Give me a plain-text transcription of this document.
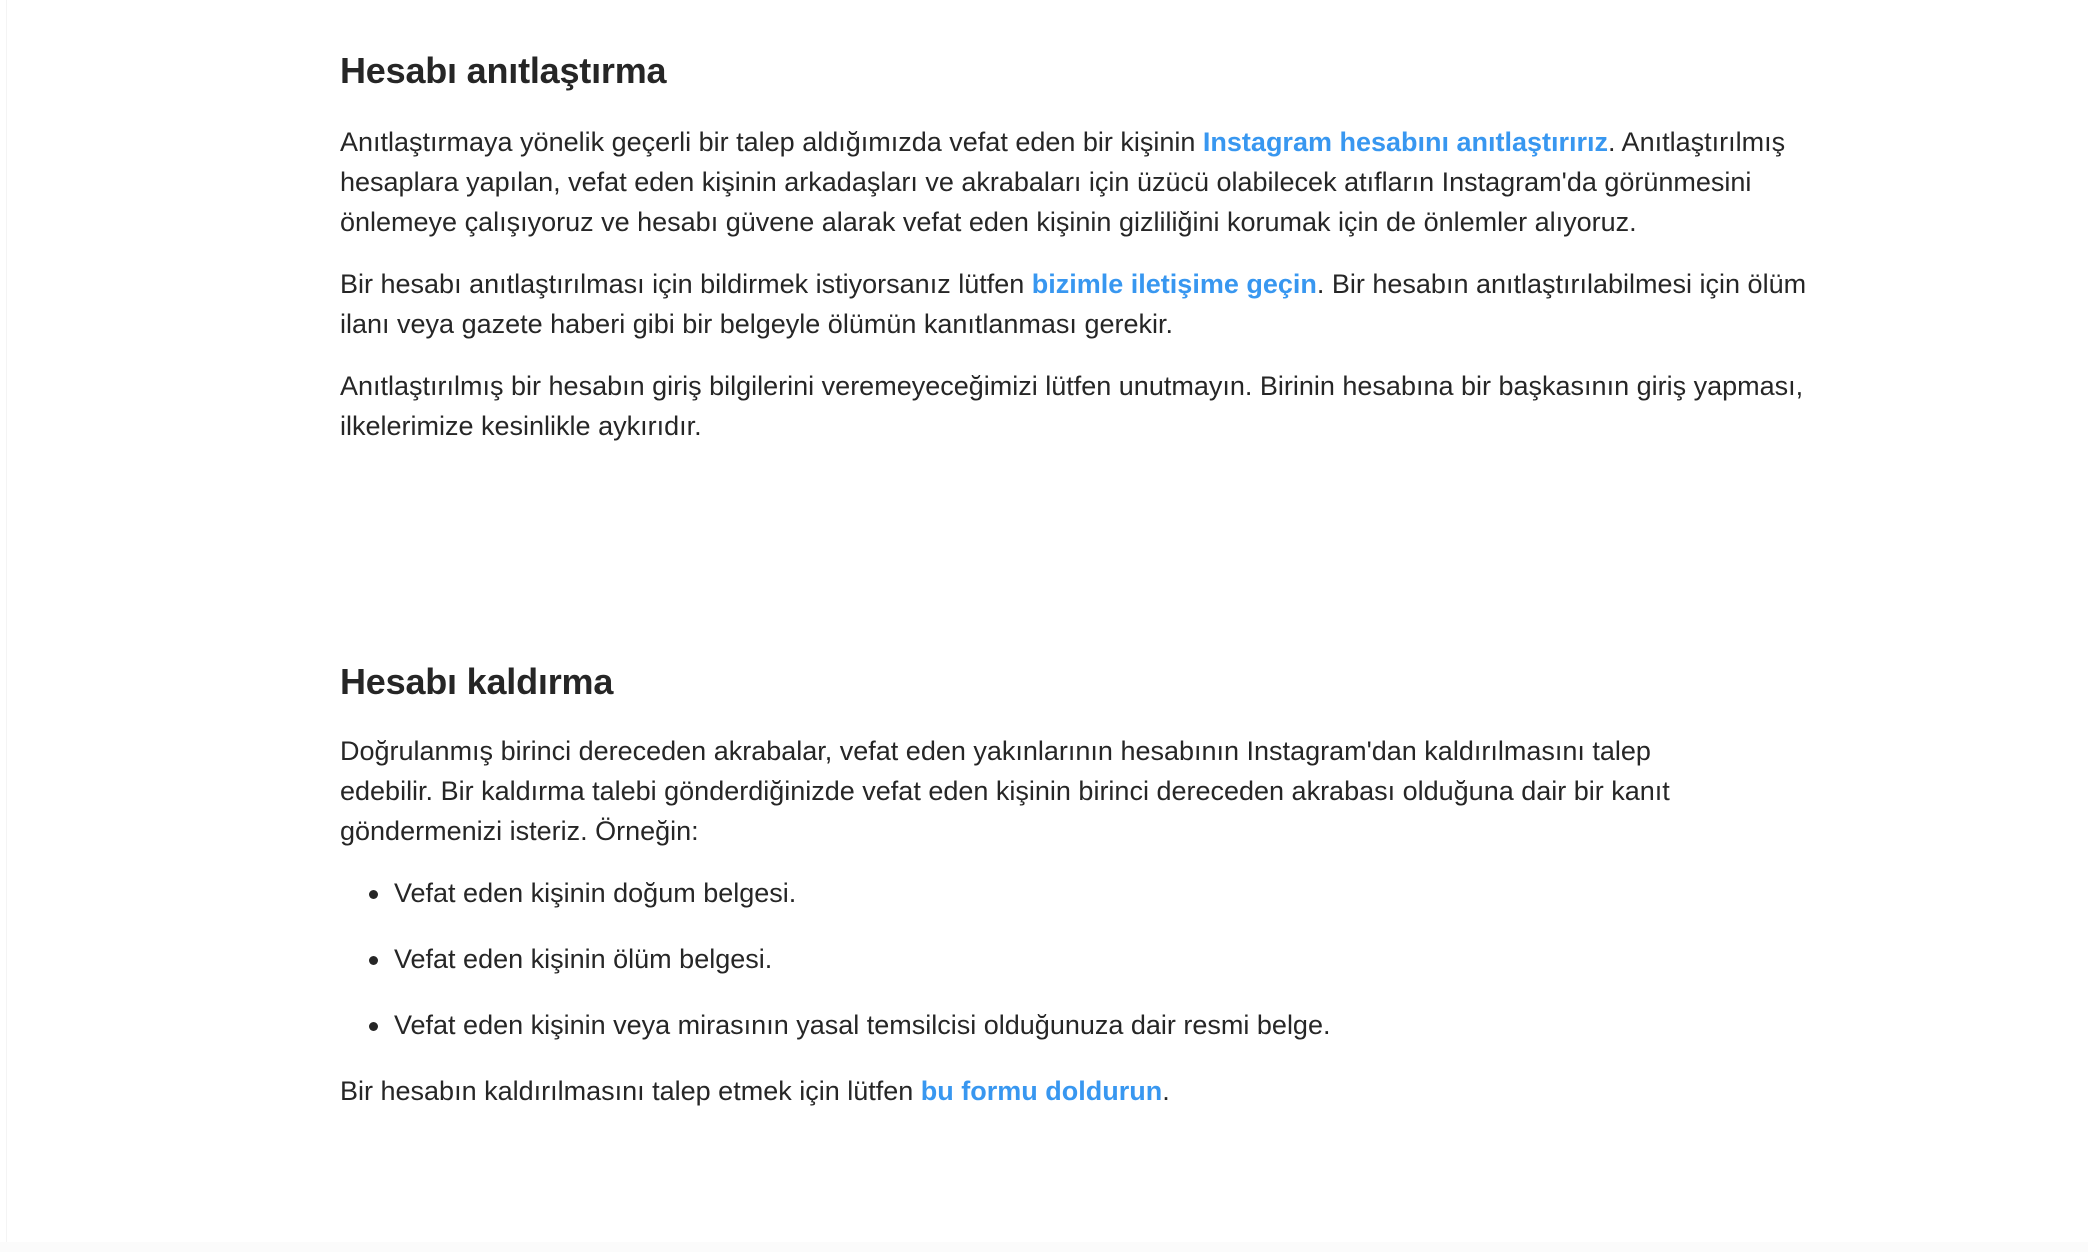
Hesabı anıtlaştırma

Anıtlaştırmaya yönelik geçerli bir talep aldığımızda vefat eden bir kişinin Instagram hesabını anıtlaştırırız. Anıtlaştırılmış hesaplara yapılan, vefat eden kişinin arkadaşları ve akrabaları için üzücü olabilecek atıfların Instagram'da görünmesini önlemeye çalışıyoruz ve hesabı güvene alarak vefat eden kişinin gizliliğini korumak için de önlemler alıyoruz.

Bir hesabı anıtlaştırılması için bildirmek istiyorsanız lütfen bizimle iletişime geçin. Bir hesabın anıtlaştırılabilmesi için ölüm ilanı veya gazete haberi gibi bir belgeyle ölümün kanıtlanması gerekir.

Anıtlaştırılmış bir hesabın giriş bilgilerini veremeyeceğimizi lütfen unutmayın. Birinin hesabına bir başkasının giriş yapması, ilkelerimize kesinlikle aykırıdır.

Hesabı kaldırma

Doğrulanmış birinci dereceden akrabalar, vefat eden yakınlarının hesabının Instagram'dan kaldırılmasını talep edebilir. Bir kaldırma talebi gönderdiğinizde vefat eden kişinin birinci dereceden akrabası olduğuna dair bir kanıt göndermenizi isteriz. Örneğin:

Vefat eden kişinin doğum belgesi.
Vefat eden kişinin ölüm belgesi.
Vefat eden kişinin veya mirasının yasal temsilcisi olduğunuza dair resmi belge.

Bir hesabın kaldırılmasını talep etmek için lütfen bu formu doldurun.
